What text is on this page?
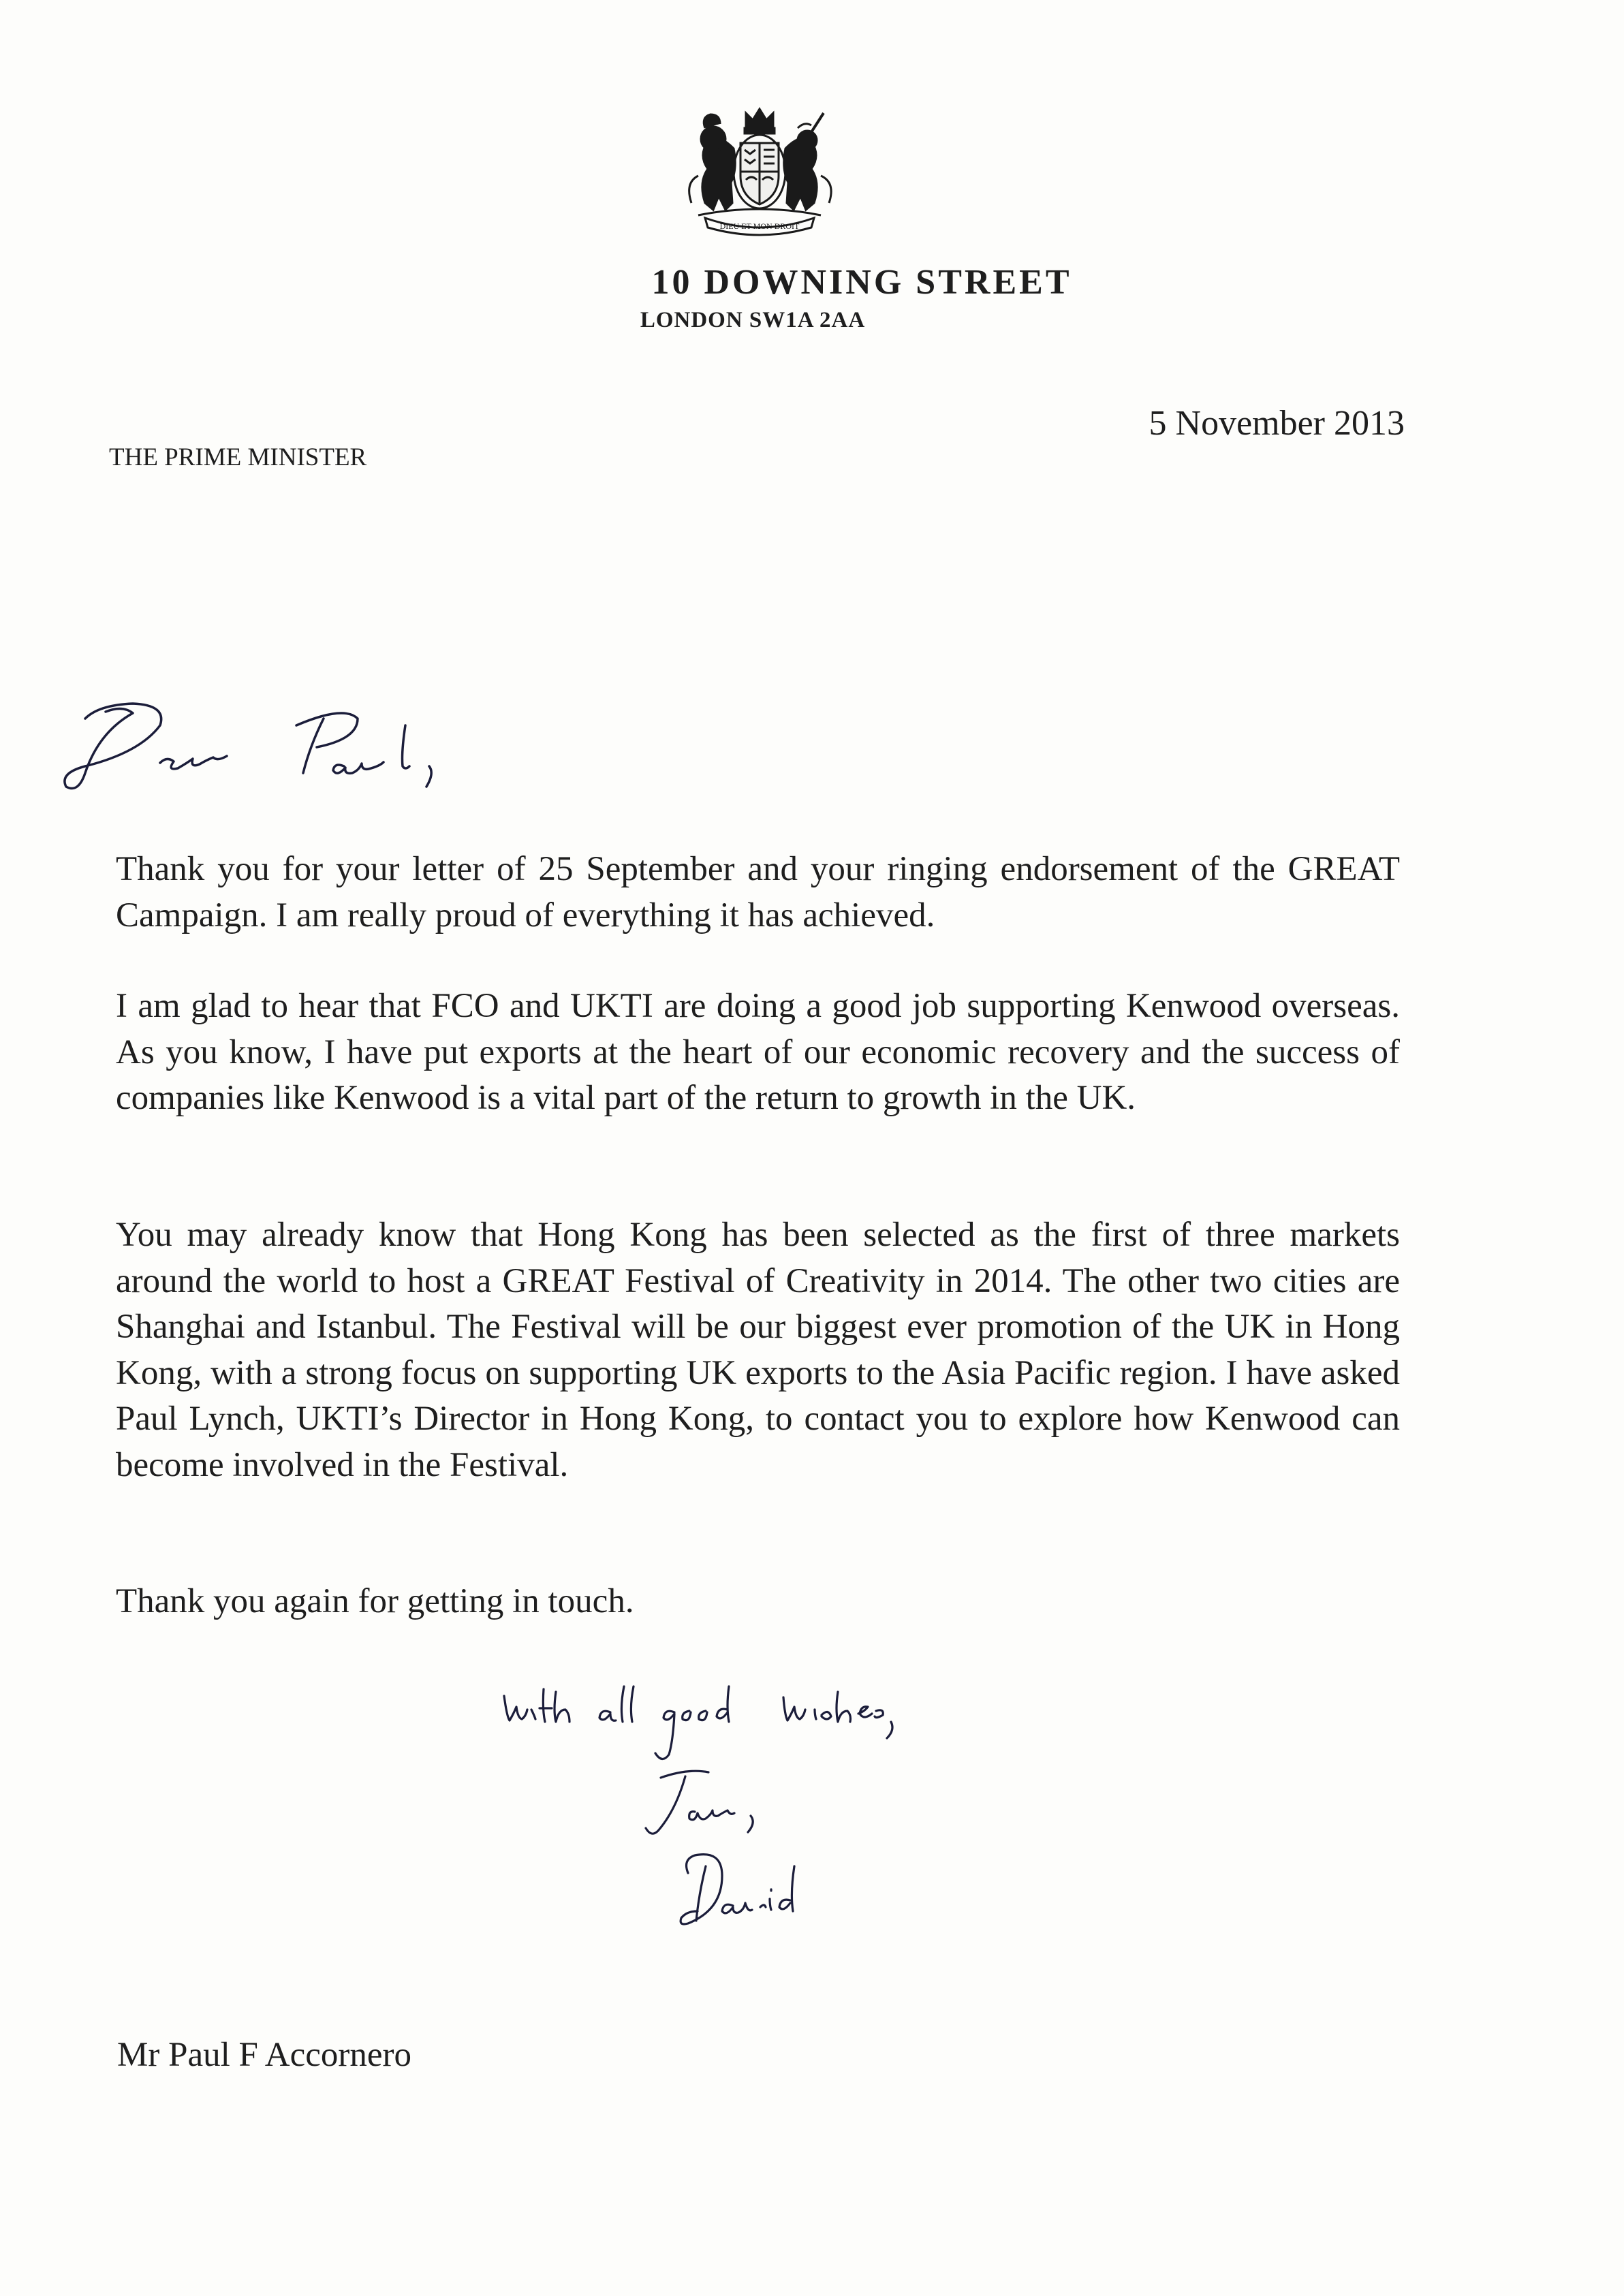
DIEU ET MON DROIT
10 DOWNING STREET
LONDON SW1A 2AA
5 November 2013
THE PRIME MINISTER

Thank you for your letter of 25 September and your ringing endorsement of the GREAT Campaign. I am really proud of everything it has achieved.

I am glad to hear that FCO and UKTI are doing a good job supporting Kenwood overseas. As you know, I have put exports at the heart of our economic recovery and the success of companies like Kenwood is a vital part of the return to growth in the UK.

You may already know that Hong Kong has been selected as the first of three markets around the world to host a GREAT Festival of Creativity in 2014. The other two cities are Shanghai and Istanbul. The Festival will be our biggest ever promotion of the UK in Hong Kong, with a strong focus on supporting UK exports to the Asia Pacific region. I have asked Paul Lynch, UKTI’s Director in Hong Kong, to contact you to explore how Kenwood can become involved in the Festival.

Thank you again for getting in touch.

Mr Paul F Accornero
